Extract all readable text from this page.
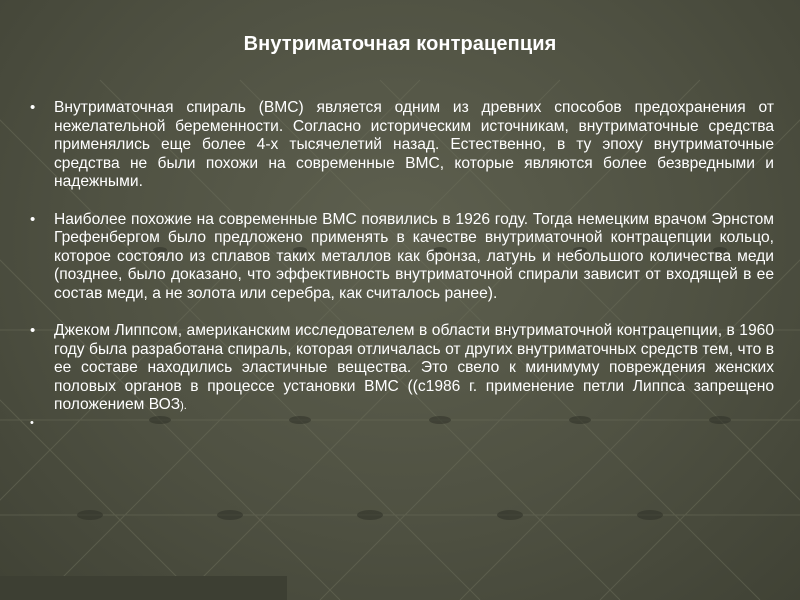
Внутриматочная контрацепция
• Внутриматочная спираль (ВМС) является одним из древних способов предохранения от нежелательной беременности. Согласно историческим источникам, внутриматочные средства применялись еще более 4-х тысячелетий назад. Естественно, в ту эпоху внутриматочные средства не были похожи на современные ВМС, которые являются более безвредными и надежными.
• Наиболее похожие на современные ВМС появились в 1926 году. Тогда немецким врачом Эрнстом Грефенбергом было предложено применять в качестве внутриматочной контрацепции кольцо, которое состояло из сплавов таких металлов как бронза, латунь и небольшого количества меди (позднее, было доказано, что эффективность внутриматочной спирали зависит от входящей в ее состав меди, а не золота или серебра, как считалось ранее).
• Джеком Липпсом, американским исследователем в области внутриматочной контрацепции, в 1960 году была разработана спираль, которая отличалась от других внутриматочных средств тем, что в ее составе находились эластичные вещества. Это свело к минимуму повреждения женских половых органов в процессе установки ВМС ((с1986 г. применение петли Липпса запрещено положением ВОЗ).
•
